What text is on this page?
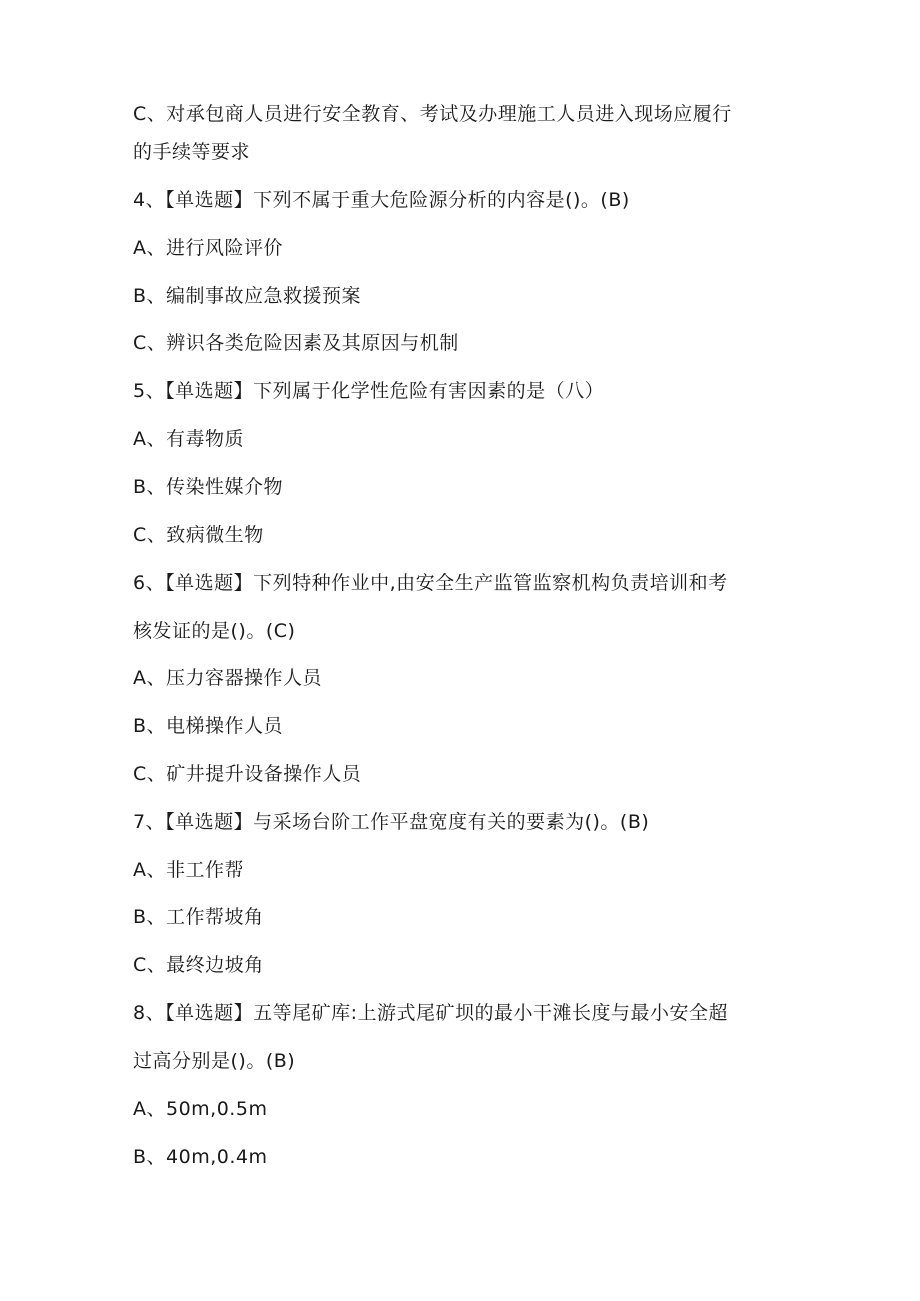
C、对承包商人员进行安全教育、考试及办理施工人员进入现场应履行
的手续等要求
4、【单选题】下列不属于重大危险源分析的内容是()。(B)
A、进行风险评价
B、编制事故应急救援预案
C、辨识各类危险因素及其原因与机制
5、【单选题】下列属于化学性危险有害因素的是（八）
A、有毒物质
B、传染性媒介物
C、致病微生物
6、【单选题】下列特种作业中,由安全生产监管监察机构负责培训和考
核发证的是()。(C)
A、压力容器操作人员
B、电梯操作人员
C、矿井提升设备操作人员
7、【单选题】与采场台阶工作平盘宽度有关的要素为()。(B)
A、非工作帮
B、工作帮坡角
C、最终边坡角
8、【单选题】五等尾矿库:上游式尾矿坝的最小干滩长度与最小安全超
过高分别是()。(B)
A、50m,0.5m
B、40m,0.4m
